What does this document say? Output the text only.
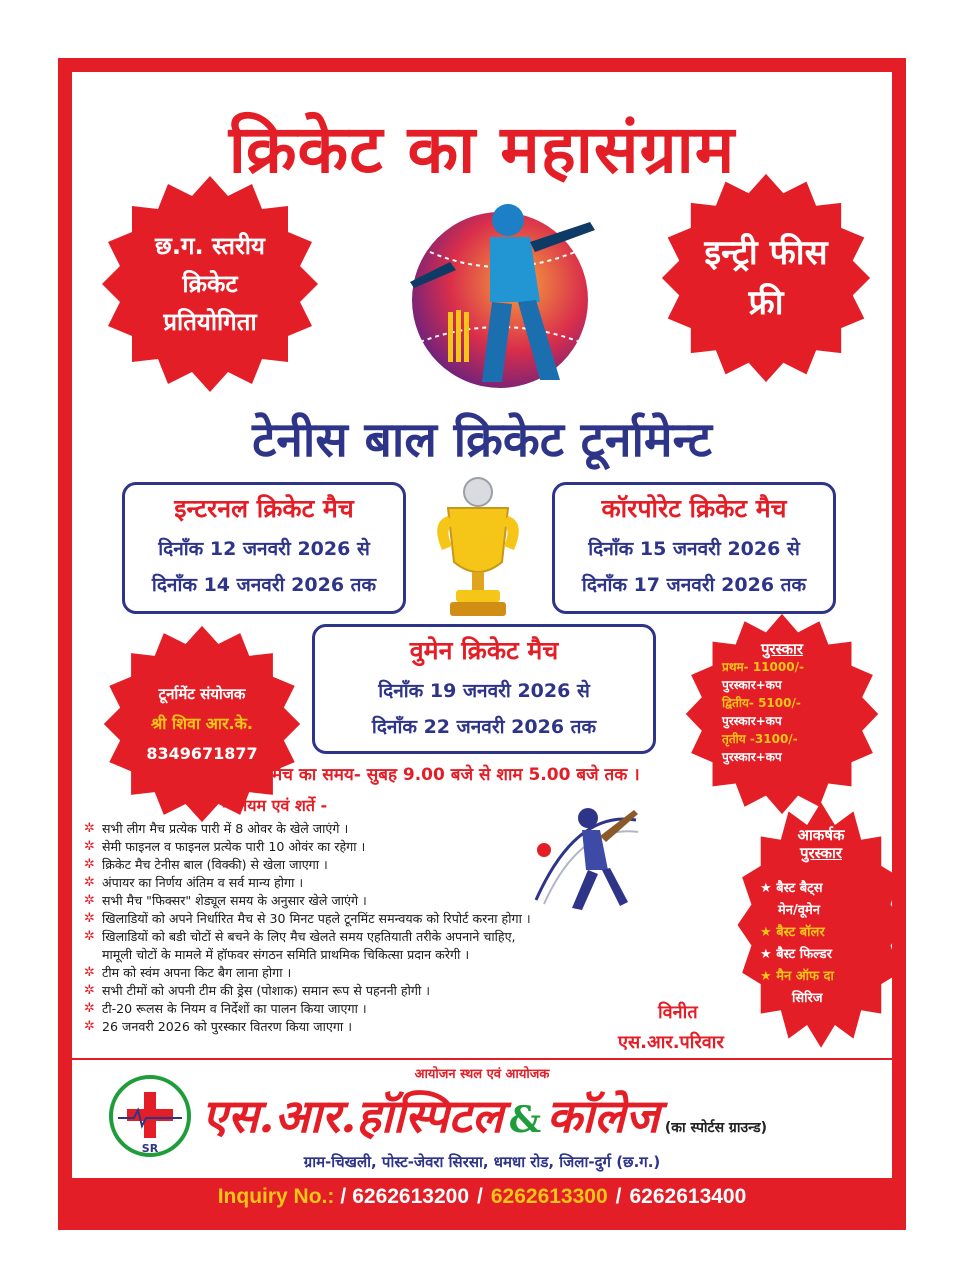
क्रिकेट का महासंग्राम
छ.ग. स्तरीय
क्रिकेट
प्रतियोगिता
इन्ट्री फीस
फ्री
टेनीस बाल क्रिकेट टूर्नामेन्ट
इन्टरनल क्रिकेट मैच
दिनाँक 12 जनवरी 2026 से
दिनाँक 14 जनवरी 2026 तक
कॉरपोरेट क्रिकेट मैच
दिनाँक 15 जनवरी 2026 से
दिनाँक 17 जनवरी 2026 तक
टूर्नामेंट संयोजक
श्री शिवा आर.के.
8349671877
वुमेन क्रिकेट मैच
दिनाँक 19 जनवरी 2026 से
दिनाँक 22 जनवरी 2026 तक
पुरस्कार
प्रथम- 11000/-
पुरस्कार+कप
द्वितीय- 5100/-
पुरस्कार+कप
तृतीय -3100/-
पुरस्कार+कप
मैच का समय- सुबह 9.00 बजे से शाम 5.00 बजे तक ।
- नियम एवं शर्ते -
✲ सभी लीग मैच प्रत्येक पारी में 8 ओवर के खेले जाएंगे ।
✲ सेमी फाइनल व फाइनल प्रत्येक पारी 10 ओवंर का रहेगा ।
✲ क्रिकेट मैच टेनीस बाल (विक्की) से खेला जाएगा ।
✲ अंपायर का निर्णय अंतिम व सर्व मान्य होगा ।
✲ सभी मैच "फिक्सर" शेड्यूल समय के अनुसार खेले जाएंगे ।
✲ खिलाडियों को अपने निर्धारित मैच से 30 मिनट पहले टूनमिंट समन्वयक को रिपोर्ट करना होगा ।
✲ खिलाडियों को बडी चोटों से बचने के लिए मैच खेलते समय एहतियाती तरीके अपनाने चाहिए,
मामूली चोटों के मामले में हॉफवर संगठन समिति प्राथमिक चिकित्सा प्रदान करेगी ।
✲ टीम को स्वंम अपना किट बैग लाना होगा ।
✲ सभी टीमों को अपनी टीम की ड्रेस (पोशाक) समान रूप से पहननी होगी ।
✲ टी-20 रूलस के नियम व निर्देशों का पालन किया जाएगा ।
✲ 26 जनवरी 2026 को पुरस्कार वितरण किया जाएगा ।
आकर्षक
पुरस्कार
★ बैस्ट बैट्स
मेन/वूमेन
★ बैस्ट बॉलर
★ बैस्ट फिल्डर
★ मैन ऑफ दा
सिरिज
विनीत
एस.आर.परिवार
आयोजन स्थल एवं आयोजक
SR
एस.आर.हॉस्पिटल & कॉलेज (का स्पोर्टस ग्राउन्ड)
ग्राम-चिखली, पोस्ट-जेवरा सिरसा, धमधा रोड, जिला-दुर्ग (छ.ग.)
Inquiry No.: / 6262613200 / 6262613300 / 6262613400
